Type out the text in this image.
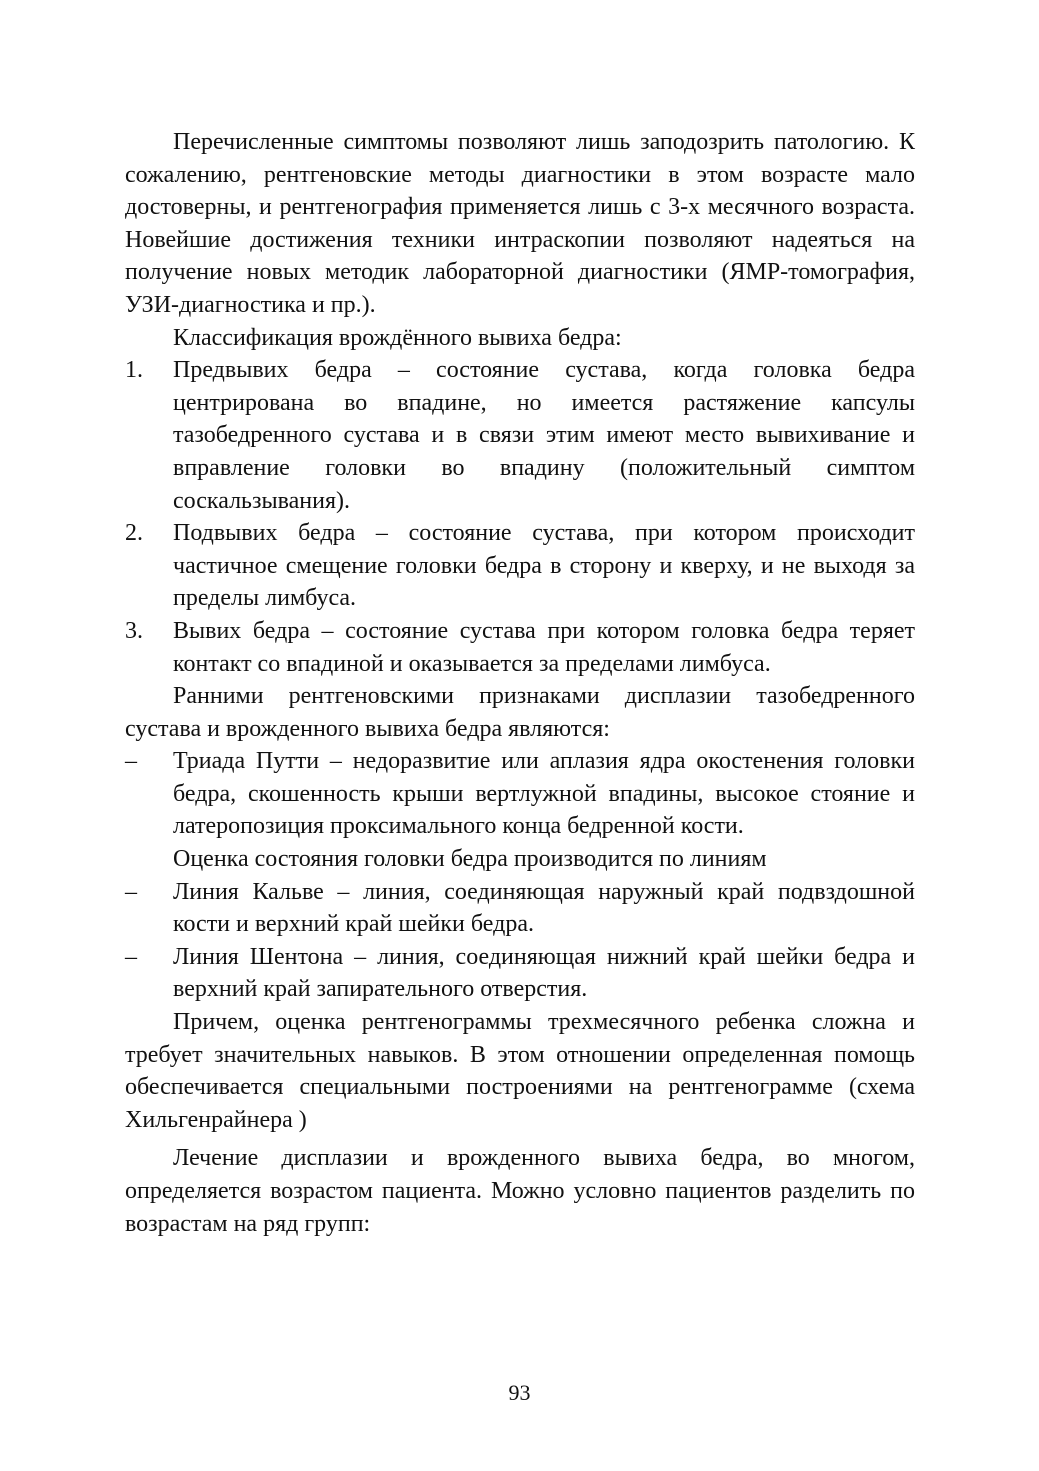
Перечисленные симптомы позволяют лишь заподозрить патологию. К сожалению, рентгеновские методы диагностики в этом возрасте мало достоверны, и рентгенография применяется лишь с 3-х месячного возраста. Новейшие достижения техники интраскопии позволяют надеяться на получение новых методик лабораторной диагностики (ЯМР-томография, УЗИ-диагностика и пр.).

Классификация врождённого вывиха бедра:

1. Предвывих бедра – состояние сустава, когда головка бедра центрирована во впадине, но имеется растяжение капсулы тазобедренного сустава и в связи этим имеют место вывихивание и вправление головки во впадину (положительный симптом соскальзывания).

2. Подвывих бедра – состояние сустава, при котором происходит частичное смещение головки бедра в сторону и кверху, и не выходя за пределы лимбуса.

3. Вывих бедра – состояние сустава при котором головка бедра теряет контакт со впадиной и оказывается за пределами лимбуса.

Ранними рентгеновскими признаками дисплазии тазобедренного сустава и врожденного вывиха бедра являются:

– Триада Путти – недоразвитие или аплазия ядра окостенения головки бедра, скошенность крыши вертлужной впадины, высокое стояние и латеропозиция проксимального конца бедренной кости.

Оценка состояния головки бедра производится по линиям

– Линия Кальве – линия, соединяющая наружный край подвздошной кости и верхний край шейки бедра.

– Линия Шентона – линия, соединяющая нижний край шейки бедра и верхний край запирательного отверстия.

Причем, оценка рентгенограммы трехмесячного ребенка сложна и требует значительных навыков. В этом отношении определенная помощь обеспечивается специальными построениями на рентгенограмме (схема Хильгенрайнера )

Лечение дисплазии и врожденного вывиха бедра, во многом, определяется возрастом пациента. Можно условно пациентов разделить по возрастам на ряд групп:

93
